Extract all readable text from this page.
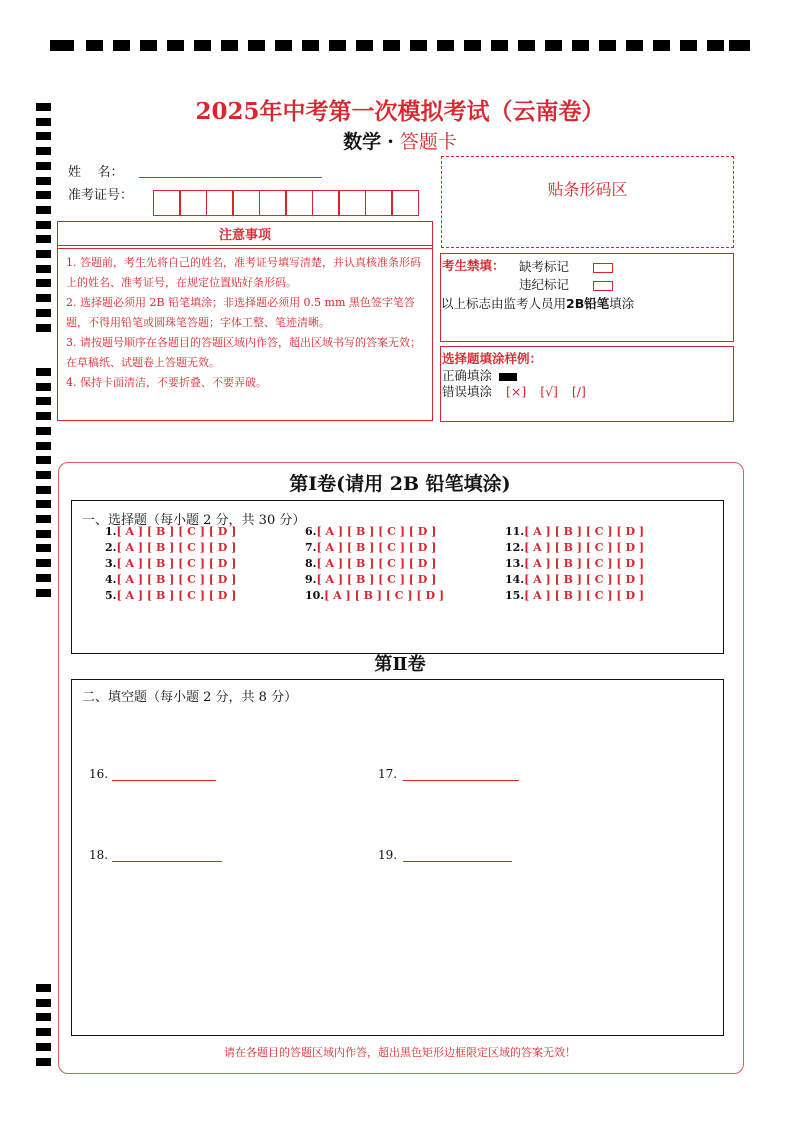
2025年中考第一次模拟考试（云南卷）
数学 · 答题卡
姓    名：
准考证号：
注意事项
1. 答题前，考生先将自己的姓名，准考证号填写清楚，并认真核准条形码上的姓名、准考证号，在规定位置贴好条形码。
2. 选择题必须用 2B 铅笔填涂；非选择题必须用 0.5 mm 黑色签字笔答题，不得用铅笔或圆珠笔答题；字体工整、笔迹清晰。
3. 请按题号顺序在各题目的答题区域内作答，超出区域书写的答案无效；在草稿纸、试题卷上答题无效。
4. 保持卡面清洁，不要折叠、不要弄破。
贴条形码区
考生禁填： 缺考标记
违纪标记
以上标志由监考人员用2B铅笔填涂
选择题填涂样例：
正确填涂
错误填涂 [×] [√] [/]
第Ⅰ卷(请用 2B 铅笔填涂)
一、选择题（每小题 2 分，共 30 分）
1.[ A ] [ B ] [ C ] [ D ]
2.[ A ] [ B ] [ C ] [ D ]
3.[ A ] [ B ] [ C ] [ D ]
4.[ A ] [ B ] [ C ] [ D ]
5.[ A ] [ B ] [ C ] [ D ]
6.[ A ] [ B ] [ C ] [ D ]
7.[ A ] [ B ] [ C ] [ D ]
8.[ A ] [ B ] [ C ] [ D ]
9.[ A ] [ B ] [ C ] [ D ]
10.[ A ] [ B ] [ C ] [ D ]
11.[ A ] [ B ] [ C ] [ D ]
12.[ A ] [ B ] [ C ] [ D ]
13.[ A ] [ B ] [ C ] [ D ]
14.[ A ] [ B ] [ C ] [ D ]
15.[ A ] [ B ] [ C ] [ D ]
第Ⅱ卷
二、填空题（每小题 2 分，共 8 分）
16.	17.
18.	19.
请在各题目的答题区域内作答，超出黑色矩形边框限定区域的答案无效！
